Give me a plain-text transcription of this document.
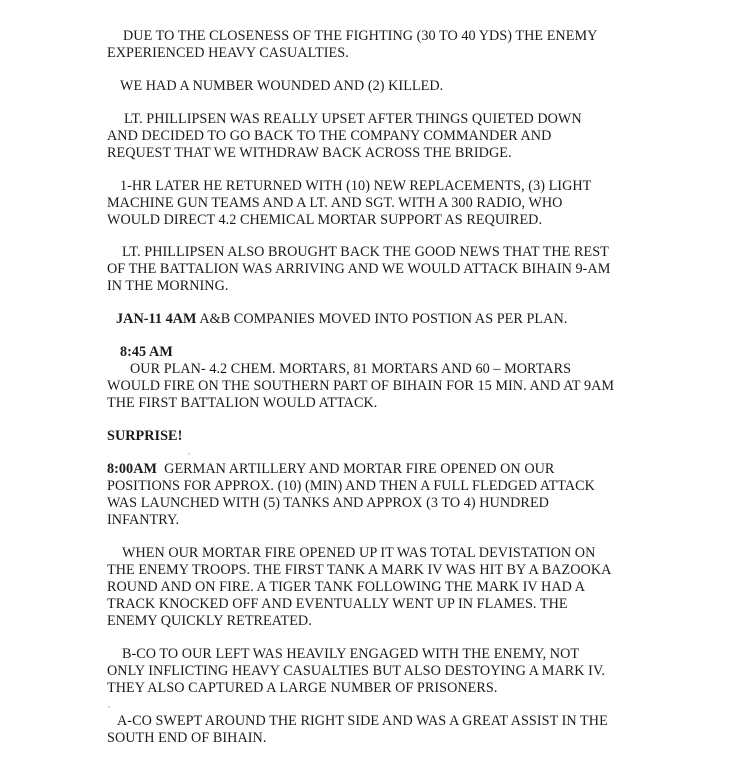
DUE TO THE CLOSENESS OF THE FIGHTING (30 TO 40 YDS) THE ENEMY
EXPERIENCED HEAVY CASUALTIES.
WE HAD A NUMBER WOUNDED AND (2) KILLED.
LT. PHILLIPSEN WAS REALLY UPSET AFTER THINGS QUIETED DOWN
AND DECIDED TO GO BACK TO THE COMPANY COMMANDER AND
REQUEST THAT WE WITHDRAW BACK ACROSS THE BRIDGE.
1-HR LATER HE RETURNED WITH (10) NEW REPLACEMENTS, (3) LIGHT
MACHINE GUN TEAMS AND A LT. AND SGT. WITH A 300 RADIO, WHO
WOULD DIRECT 4.2 CHEMICAL MORTAR SUPPORT AS REQUIRED.
LT. PHILLIPSEN ALSO BROUGHT BACK THE GOOD NEWS THAT THE REST
OF THE BATTALION WAS ARRIVING AND WE WOULD ATTACK BIHAIN 9-AM
IN THE MORNING.
JAN-11 4AM A&B COMPANIES MOVED INTO POSTION AS PER PLAN.
8:45 AM
OUR PLAN- 4.2 CHEM. MORTARS, 81 MORTARS AND 60 – MORTARS
WOULD FIRE ON THE SOUTHERN PART OF BIHAIN FOR 15 MIN. AND AT 9AM
THE FIRST BATTALION WOULD ATTACK.
SURPRISE!
8:00AM  GERMAN ARTILLERY AND MORTAR FIRE OPENED ON OUR
POSITIONS FOR APPROX. (10) (MIN) AND THEN A FULL FLEDGED ATTACK
WAS LAUNCHED WITH (5) TANKS AND APPROX (3 TO 4) HUNDRED
INFANTRY.
WHEN OUR MORTAR FIRE OPENED UP IT WAS TOTAL DEVISTATION ON
THE ENEMY TROOPS. THE FIRST TANK A MARK IV WAS HIT BY A BAZOOKA
ROUND AND ON FIRE. A TIGER TANK FOLLOWING THE MARK IV HAD A
TRACK KNOCKED OFF AND EVENTUALLY WENT UP IN FLAMES. THE
ENEMY QUICKLY RETREATED.
B-CO TO OUR LEFT WAS HEAVILY ENGAGED WITH THE ENEMY, NOT
ONLY INFLICTING HEAVY CASUALTIES BUT ALSO DESTOYING A MARK IV.
THEY ALSO CAPTURED A LARGE NUMBER OF PRISONERS.
A-CO SWEPT AROUND THE RIGHT SIDE AND WAS A GREAT ASSIST IN THE
SOUTH END OF BIHAIN.
